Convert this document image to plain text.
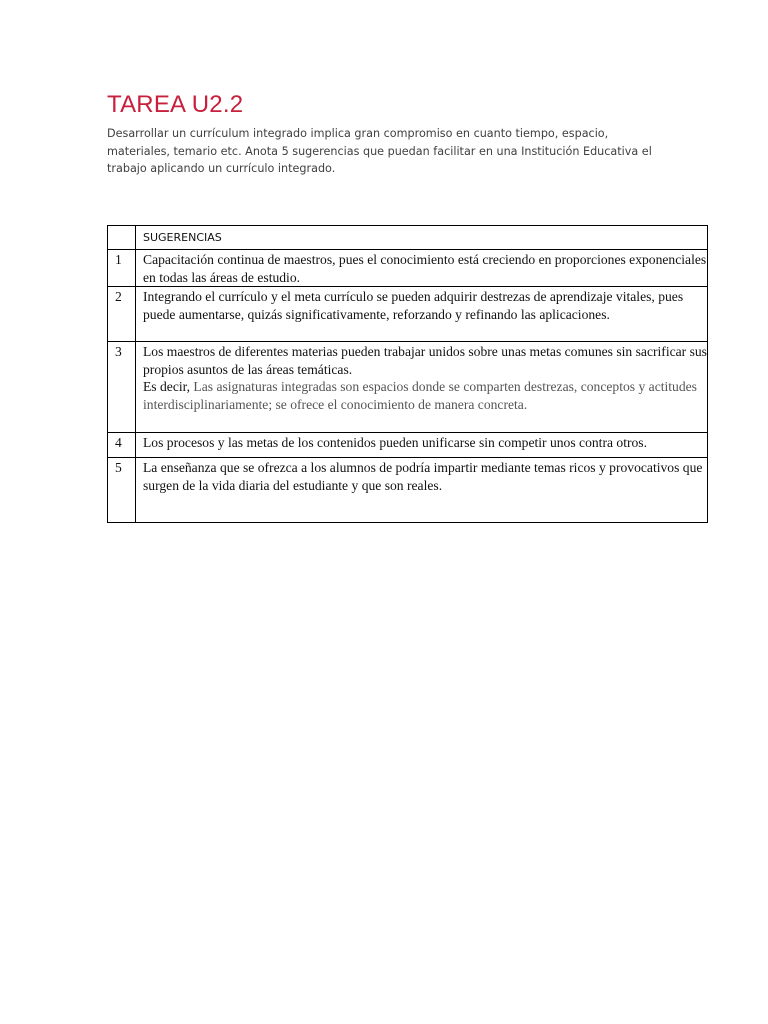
TAREA U2.2

Desarrollar un currículum integrado implica gran compromiso en cuanto tiempo, espacio, materiales, temario etc. Anota 5 sugerencias que puedan facilitar en una Institución Educativa el trabajo aplicando un currículo integrado.

	SUGERENCIAS
1	Capacitación continua de maestros, pues el conocimiento está creciendo en proporciones exponenciales en todas las áreas de estudio.
2	Integrando el currículo y el meta currículo se pueden adquirir destrezas de aprendizaje vitales, pues puede aumentarse, quizás significativamente, reforzando y refinando las aplicaciones.
3	Los maestros de diferentes materias pueden trabajar unidos sobre unas metas comunes sin sacrificar sus propios asuntos de las áreas temáticas.
Es decir, Las asignaturas integradas son espacios donde se comparten destrezas, conceptos y actitudes interdisciplinariamente; se ofrece el conocimiento de manera concreta.
4	Los procesos y las metas de los contenidos pueden unificarse sin competir unos contra otros.
5	La enseñanza que se ofrezca a los alumnos de podría impartir mediante temas ricos y provocativos que surgen de la vida diaria del estudiante y que son reales.
